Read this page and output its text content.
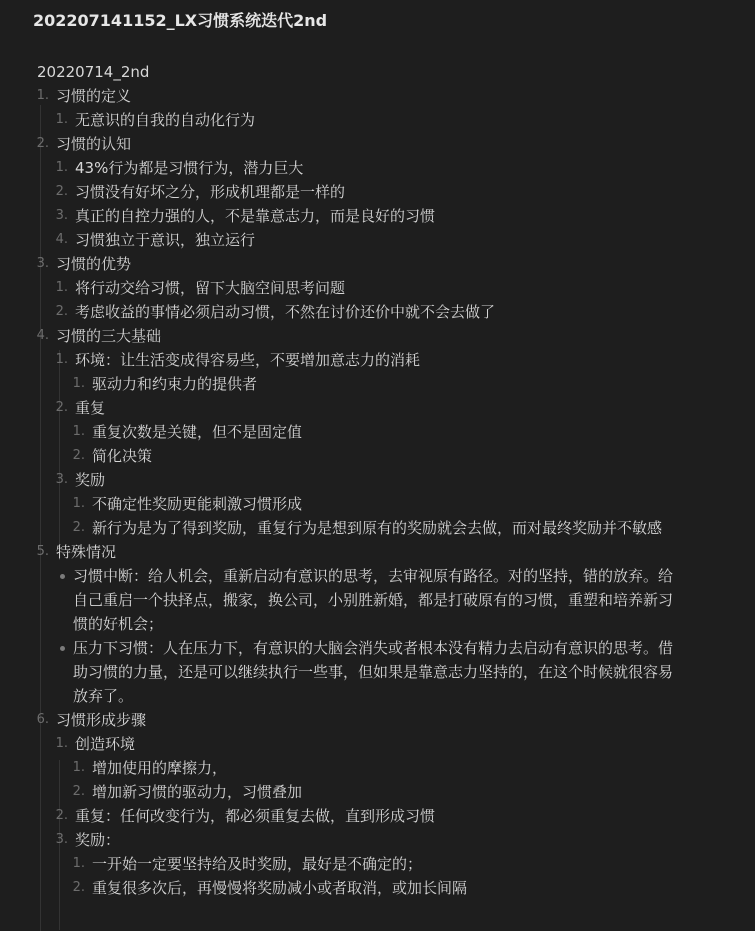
202207141152_LX习惯系统迭代2nd
20220714_2nd
1. 习惯的定义
1. 无意识的自我的自动化行为
2. 习惯的认知
1. 43%行为都是习惯行为，潜力巨大
2. 习惯没有好坏之分，形成机理都是一样的
3. 真正的自控力强的人，不是靠意志力，而是良好的习惯
4. 习惯独立于意识，独立运行
3. 习惯的优势
1. 将行动交给习惯，留下大脑空间思考问题
2. 考虑收益的事情必须启动习惯，不然在讨价还价中就不会去做了
4. 习惯的三大基础
1. 环境：让生活变成得容易些，不要增加意志力的消耗
1. 驱动力和约束力的提供者
2. 重复
1. 重复次数是关键，但不是固定值
2. 简化决策
3. 奖励
1. 不确定性奖励更能刺激习惯形成
2. 新行为是为了得到奖励，重复行为是想到原有的奖励就会去做，而对最终奖励并不敏感
5. 特殊情况
习惯中断：给人机会，重新启动有意识的思考，去审视原有路径。对的坚持，错的放弃。给自己重启一个抉择点，搬家，换公司，小别胜新婚，都是打破原有的习惯，重塑和培养新习惯的好机会；
压力下习惯：人在压力下，有意识的大脑会消失或者根本没有精力去启动有意识的思考。借助习惯的力量，还是可以继续执行一些事，但如果是靠意志力坚持的，在这个时候就很容易放弃了。
6. 习惯形成步骤
1. 创造环境
1. 增加使用的摩擦力，
2. 增加新习惯的驱动力，习惯叠加
2. 重复：任何改变行为，都必须重复去做，直到形成习惯
3. 奖励：
1. 一开始一定要坚持给及时奖励，最好是不确定的；
2. 重复很多次后，再慢慢将奖励减小或者取消，或加长间隔
